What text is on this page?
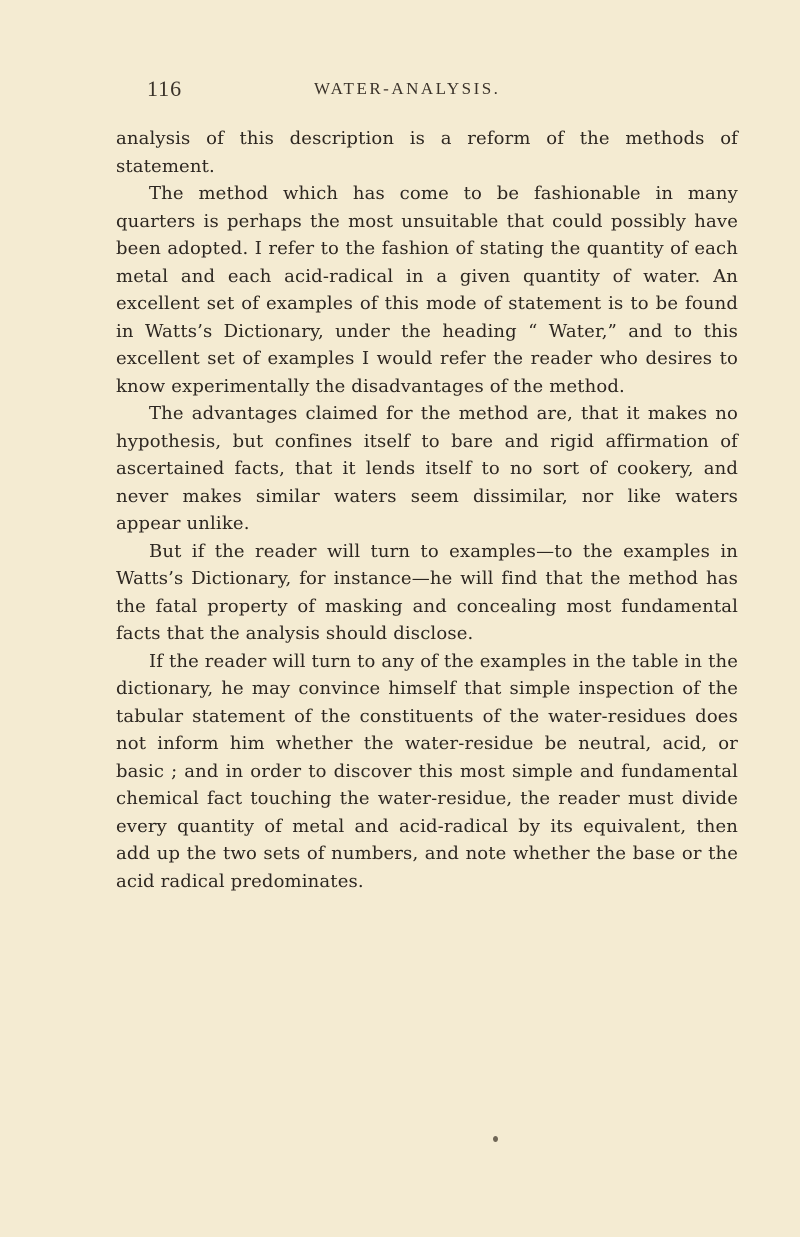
116	WATER-ANALYSIS.

analysis of this description is a reform of the methods of statement.

The method which has come to be fashionable in many quarters is perhaps the most unsuitable that could possibly have been adopted. I refer to the fashion of stating the quantity of each metal and each acid-radical in a given quantity of water. An excellent set of examples of this mode of statement is to be found in Watts’s Dictionary, under the heading “ Water,” and to this excellent set of examples I would refer the reader who desires to know experimentally the disadvantages of the method.

The advantages claimed for the method are, that it makes no hypothesis, but confines itself to bare and rigid affirmation of ascertained facts, that it lends itself to no sort of cookery, and never makes similar waters seem dissimilar, nor like waters appear unlike.

But if the reader will turn to examples—to the examples in Watts’s Dictionary, for instance—he will find that the method has the fatal property of masking and concealing most fundamental facts that the analysis should disclose.

If the reader will turn to any of the examples in the table in the dictionary, he may convince himself that simple inspection of the tabular statement of the constituents of the water-residues does not inform him whether the water-residue be neutral, acid, or basic ; and in order to discover this most simple and fundamental chemical fact touching the water-residue, the reader must divide every quantity of metal and acid-radical by its equivalent, then add up the two sets of numbers, and note whether the base or the acid radical predominates.
